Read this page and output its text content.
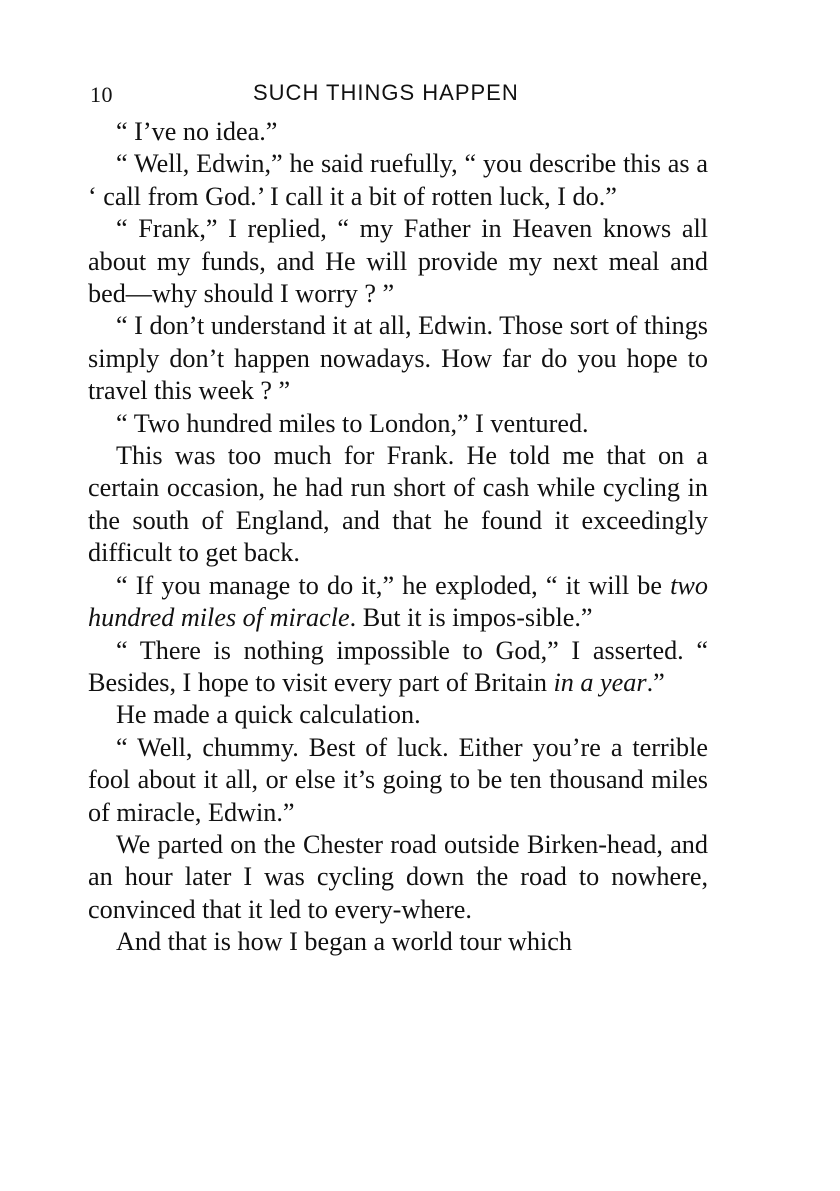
10	SUCH THINGS HAPPEN

“ I’ve no idea.”

“ Well, Edwin,” he said ruefully, “ you describe this as a ‘ call from God.’ I call it a bit of rotten luck, I do.”

“ Frank,” I replied, “ my Father in Heaven knows all about my funds, and He will provide my next meal and bed—why should I worry ? ”

“ I don’t understand it at all, Edwin. Those sort of things simply don’t happen nowadays. How far do you hope to travel this week ? ”

“ Two hundred miles to London,” I ventured.

This was too much for Frank. He told me that on a certain occasion, he had run short of cash while cycling in the south of England, and that he found it exceedingly difficult to get back.

“ If you manage to do it,” he exploded, “ it will be two hundred miles of miracle. But it is impos-sible.”

“ There is nothing impossible to God,” I asserted. “ Besides, I hope to visit every part of Britain in a year.”

He made a quick calculation.

“ Well, chummy. Best of luck. Either you’re a terrible fool about it all, or else it’s going to be ten thousand miles of miracle, Edwin.”

We parted on the Chester road outside Birken-head, and an hour later I was cycling down the road to nowhere, convinced that it led to every-where.

And that is how I began a world tour which
